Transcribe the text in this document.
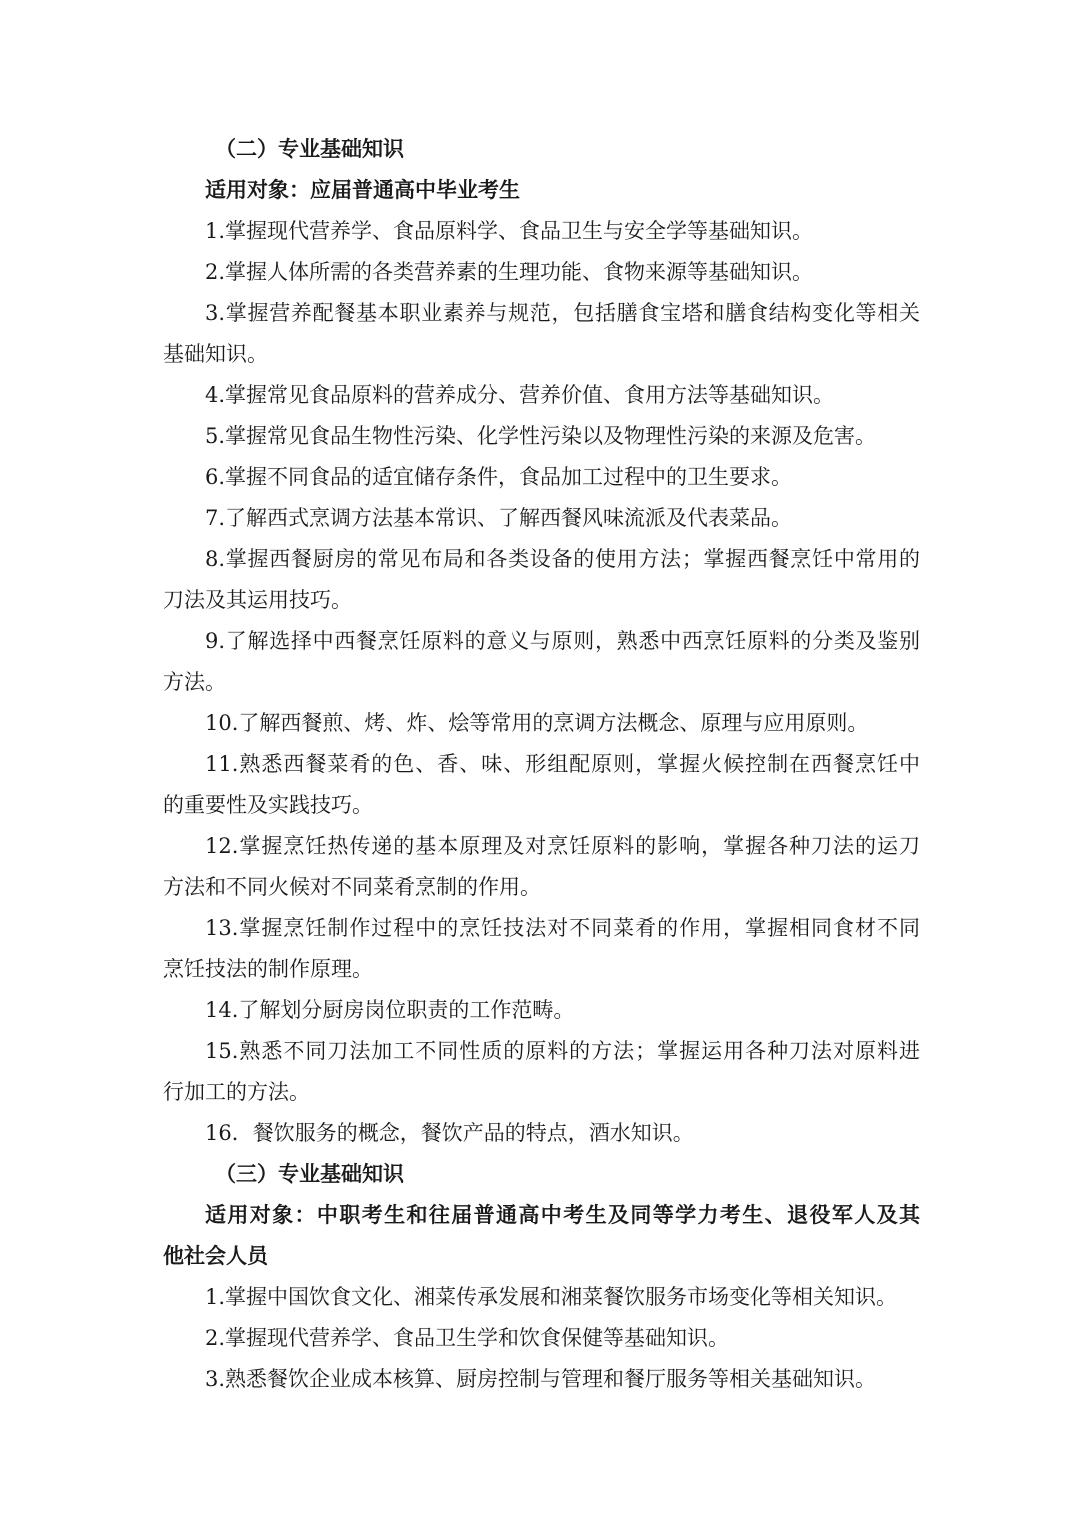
（二）专业基础知识
适用对象：应届普通高中毕业考生
1.掌握现代营养学、食品原料学、食品卫生与安全学等基础知识。
2.掌握人体所需的各类营养素的生理功能、食物来源等基础知识。
3.掌握营养配餐基本职业素养与规范，包括膳食宝塔和膳食结构变化等相关
基础知识。
4.掌握常见食品原料的营养成分、营养价值、食用方法等基础知识。
5.掌握常见食品生物性污染、化学性污染以及物理性污染的来源及危害。
6.掌握不同食品的适宜储存条件，食品加工过程中的卫生要求。
7.了解西式烹调方法基本常识、了解西餐风味流派及代表菜品。
8.掌握西餐厨房的常见布局和各类设备的使用方法；掌握西餐烹饪中常用的
刀法及其运用技巧。
9.了解选择中西餐烹饪原料的意义与原则，熟悉中西烹饪原料的分类及鉴别
方法。
10.了解西餐煎、烤、炸、烩等常用的烹调方法概念、原理与应用原则。
11.熟悉西餐菜肴的色、香、味、形组配原则，掌握火候控制在西餐烹饪中
的重要性及实践技巧。
12.掌握烹饪热传递的基本原理及对烹饪原料的影响，掌握各种刀法的运刀
方法和不同火候对不同菜肴烹制的作用。
13.掌握烹饪制作过程中的烹饪技法对不同菜肴的作用，掌握相同食材不同
烹饪技法的制作原理。
14.了解划分厨房岗位职责的工作范畴。
15.熟悉不同刀法加工不同性质的原料的方法；掌握运用各种刀法对原料进
行加工的方法。
16．餐饮服务的概念，餐饮产品的特点，酒水知识。
（三）专业基础知识
适用对象：中职考生和往届普通高中考生及同等学力考生、退役军人及其
他社会人员
1.掌握中国饮食文化、湘菜传承发展和湘菜餐饮服务市场变化等相关知识。
2.掌握现代营养学、食品卫生学和饮食保健等基础知识。
3.熟悉餐饮企业成本核算、厨房控制与管理和餐厅服务等相关基础知识。
